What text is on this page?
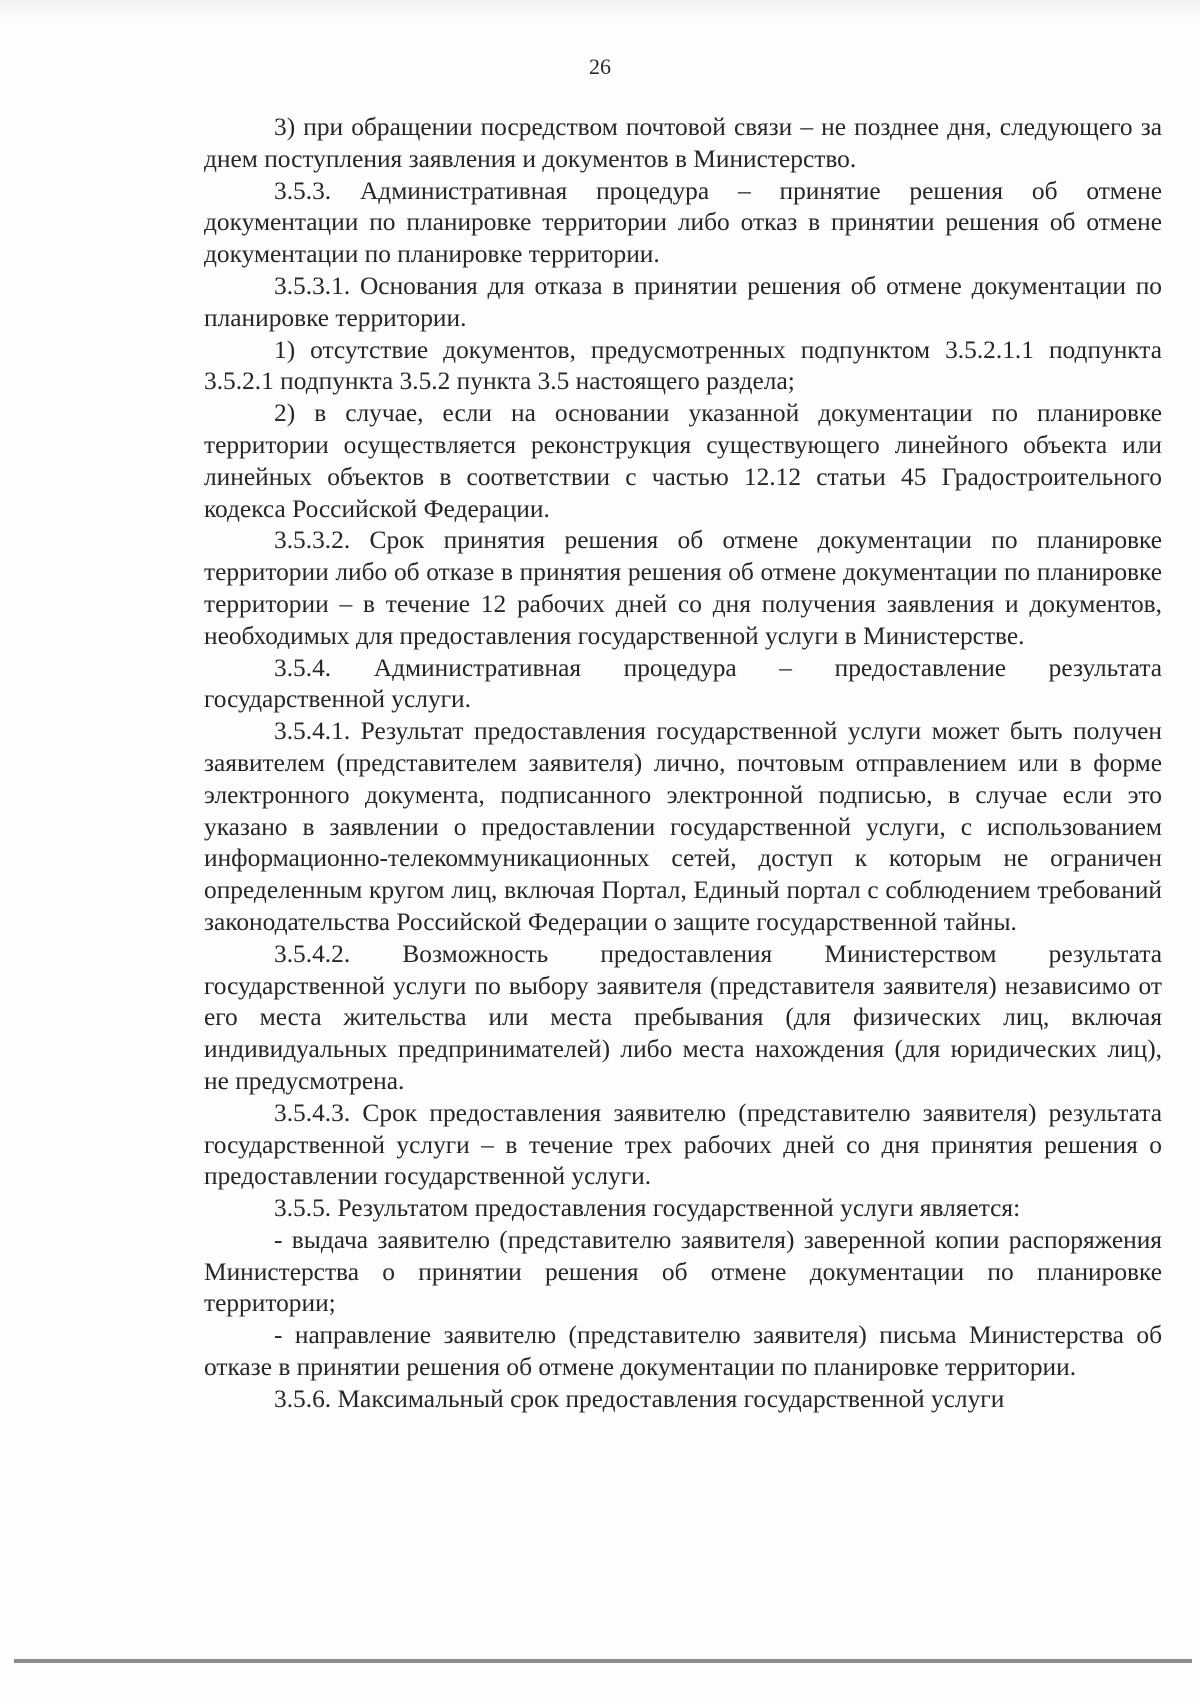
26

3) при обращении посредством почтовой связи – не позднее дня, следующего за днем поступления заявления и документов в Министерство.

3.5.3. Административная процедура – принятие решения об отмене документации по планировке территории либо отказ в принятии решения об отмене документации по планировке территории.

3.5.3.1. Основания для отказа в принятии решения об отмене документации по планировке территории.

1) отсутствие документов, предусмотренных подпунктом 3.5.2.1.1 подпункта 3.5.2.1 подпункта 3.5.2 пункта 3.5 настоящего раздела;

2) в случае, если на основании указанной документации по планировке территории осуществляется реконструкция существующего линейного объекта или линейных объектов в соответствии с частью 12.12 статьи 45 Градостроительного кодекса Российской Федерации.

3.5.3.2. Срок принятия решения об отмене документации по планировке территории либо об отказе в принятия решения об отмене документации по планировке территории – в течение 12 рабочих дней со дня получения заявления и документов, необходимых для предоставления государственной услуги в Министерстве.

3.5.4. Административная процедура – предоставление результата государственной услуги.

3.5.4.1. Результат предоставления государственной услуги может быть получен заявителем (представителем заявителя) лично, почтовым отправлением или в форме электронного документа, подписанного электронной подписью, в случае если это указано в заявлении о предоставлении государственной услуги, с использованием информационно-телекоммуникационных сетей, доступ к которым не ограничен определенным кругом лиц, включая Портал, Единый портал с соблюдением требований законодательства Российской Федерации о защите государственной тайны.

3.5.4.2. Возможность предоставления Министерством результата государственной услуги по выбору заявителя (представителя заявителя) независимо от его места жительства или места пребывания (для физических лиц, включая индивидуальных предпринимателей) либо места нахождения (для юридических лиц), не предусмотрена.

3.5.4.3. Срок предоставления заявителю (представителю заявителя) результата государственной услуги – в течение трех рабочих дней со дня принятия решения о предоставлении государственной услуги.

3.5.5. Результатом предоставления государственной услуги является:

- выдача заявителю (представителю заявителя) заверенной копии распоряжения Министерства о принятии решения об отмене документации по планировке территории;

- направление заявителю (представителю заявителя) письма Министерства об отказе в принятии решения об отмене документации по планировке территории.

3.5.6. Максимальный срок предоставления государственной услуги
